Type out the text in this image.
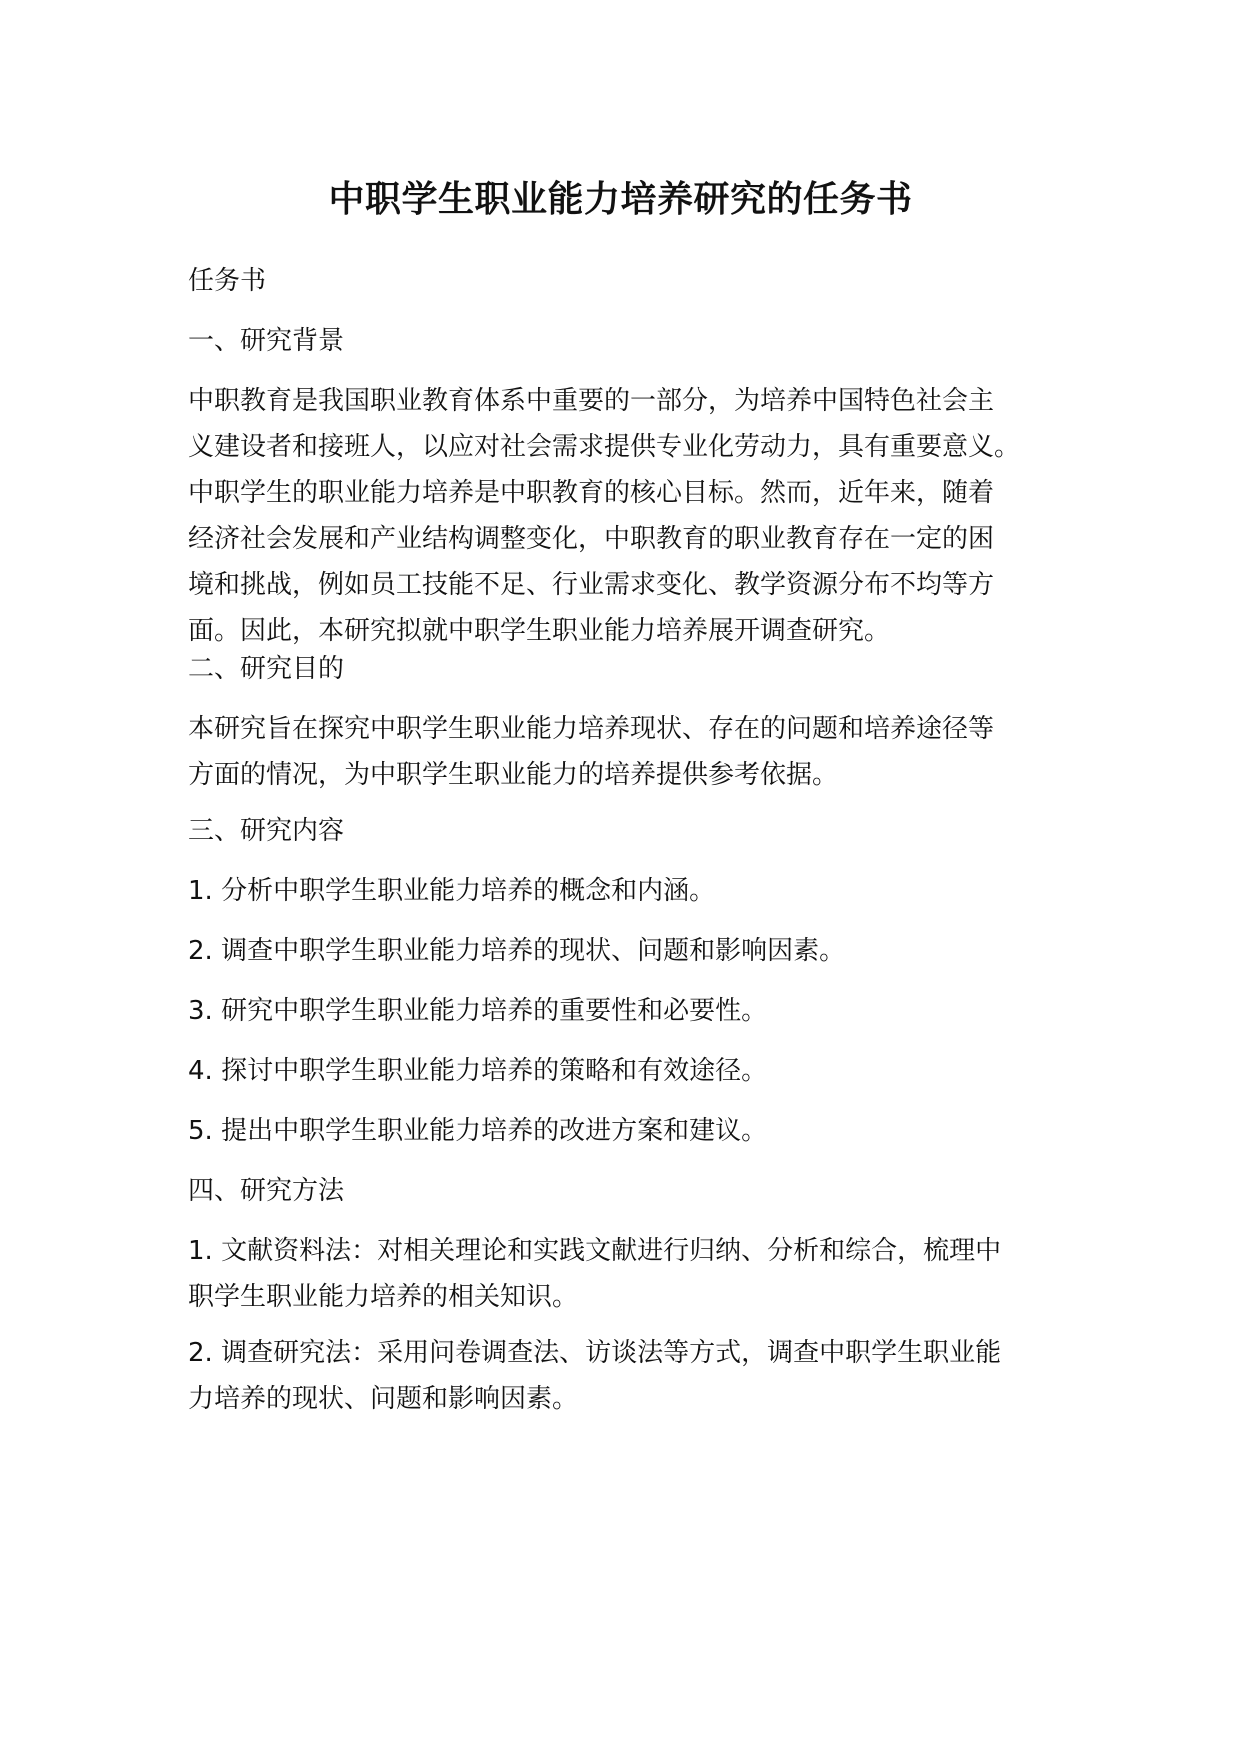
中职学生职业能力培养研究的任务书
任务书
一、研究背景
中职教育是我国职业教育体系中重要的一部分，为培养中国特色社会主
义建设者和接班人，以应对社会需求提供专业化劳动力，具有重要意义。
中职学生的职业能力培养是中职教育的核心目标。然而，近年来，随着
经济社会发展和产业结构调整变化，中职教育的职业教育存在一定的困
境和挑战，例如员工技能不足、行业需求变化、教学资源分布不均等方
面。因此，本研究拟就中职学生职业能力培养展开调查研究。
二、研究目的
本研究旨在探究中职学生职业能力培养现状、存在的问题和培养途径等
方面的情况，为中职学生职业能力的培养提供参考依据。
三、研究内容
1. 分析中职学生职业能力培养的概念和内涵。
2. 调查中职学生职业能力培养的现状、问题和影响因素。
3. 研究中职学生职业能力培养的重要性和必要性。
4. 探讨中职学生职业能力培养的策略和有效途径。
5. 提出中职学生职业能力培养的改进方案和建议。
四、研究方法
1. 文献资料法：对相关理论和实践文献进行归纳、分析和综合，梳理中
职学生职业能力培养的相关知识。
2. 调查研究法：采用问卷调查法、访谈法等方式，调查中职学生职业能
力培养的现状、问题和影响因素。
